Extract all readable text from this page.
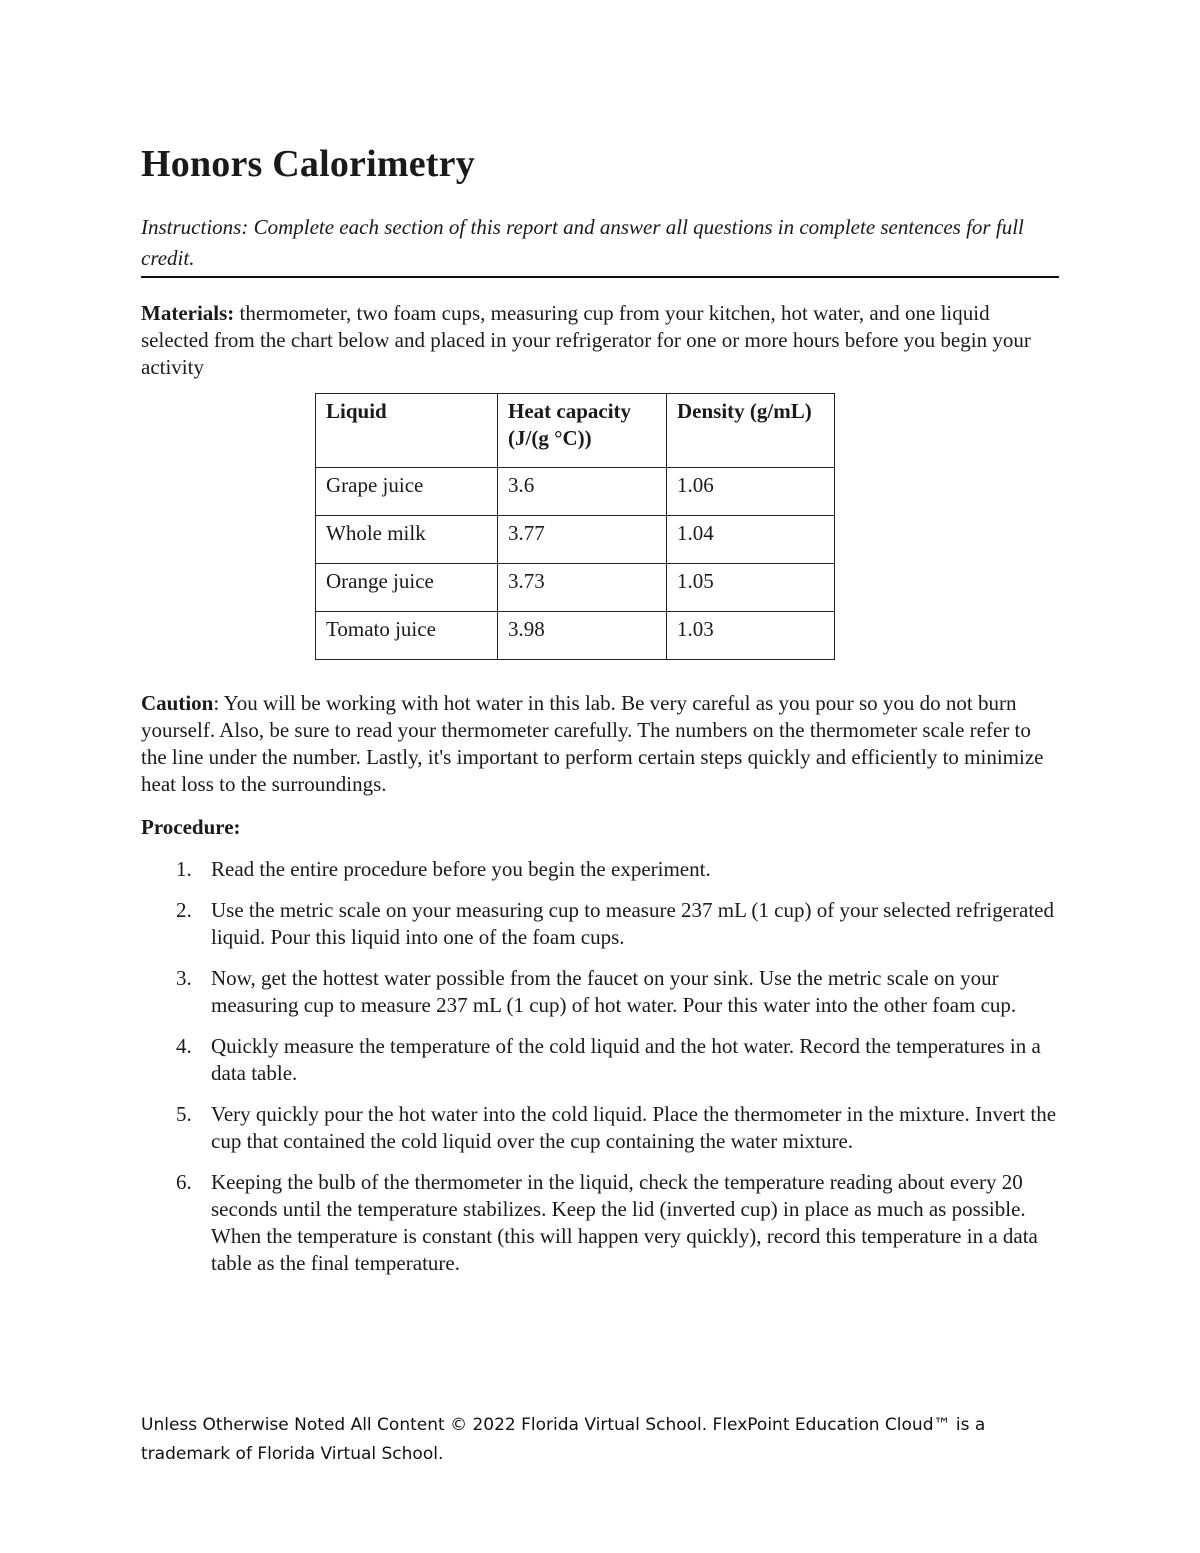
Honors Calorimetry
Instructions: Complete each section of this report and answer all questions in complete sentences for full credit.

Materials: thermometer, two foam cups, measuring cup from your kitchen, hot water, and one liquid selected from the chart below and placed in your refrigerator for one or more hours before you begin your activity

Liquid	Heat capacity (J/(g °C))	Density (g/mL)
Grape juice	3.6	1.06
Whole milk	3.77	1.04
Orange juice	3.73	1.05
Tomato juice	3.98	1.03

Caution: You will be working with hot water in this lab. Be very careful as you pour so you do not burn yourself. Also, be sure to read your thermometer carefully. The numbers on the thermometer scale refer to the line under the number. Lastly, it's important to perform certain steps quickly and efficiently to minimize heat loss to the surroundings.

Procedure:

1. Read the entire procedure before you begin the experiment.
2. Use the metric scale on your measuring cup to measure 237 mL (1 cup) of your selected refrigerated liquid. Pour this liquid into one of the foam cups.
3. Now, get the hottest water possible from the faucet on your sink. Use the metric scale on your measuring cup to measure 237 mL (1 cup) of hot water. Pour this water into the other foam cup.
4. Quickly measure the temperature of the cold liquid and the hot water. Record the temperatures in a data table.
5. Very quickly pour the hot water into the cold liquid. Place the thermometer in the mixture. Invert the cup that contained the cold liquid over the cup containing the water mixture.
6. Keeping the bulb of the thermometer in the liquid, check the temperature reading about every 20 seconds until the temperature stabilizes. Keep the lid (inverted cup) in place as much as possible. When the temperature is constant (this will happen very quickly), record this temperature in a data table as the final temperature.
Unless Otherwise Noted All Content © 2022 Florida Virtual School. FlexPoint Education Cloud™ is a trademark of Florida Virtual School.
